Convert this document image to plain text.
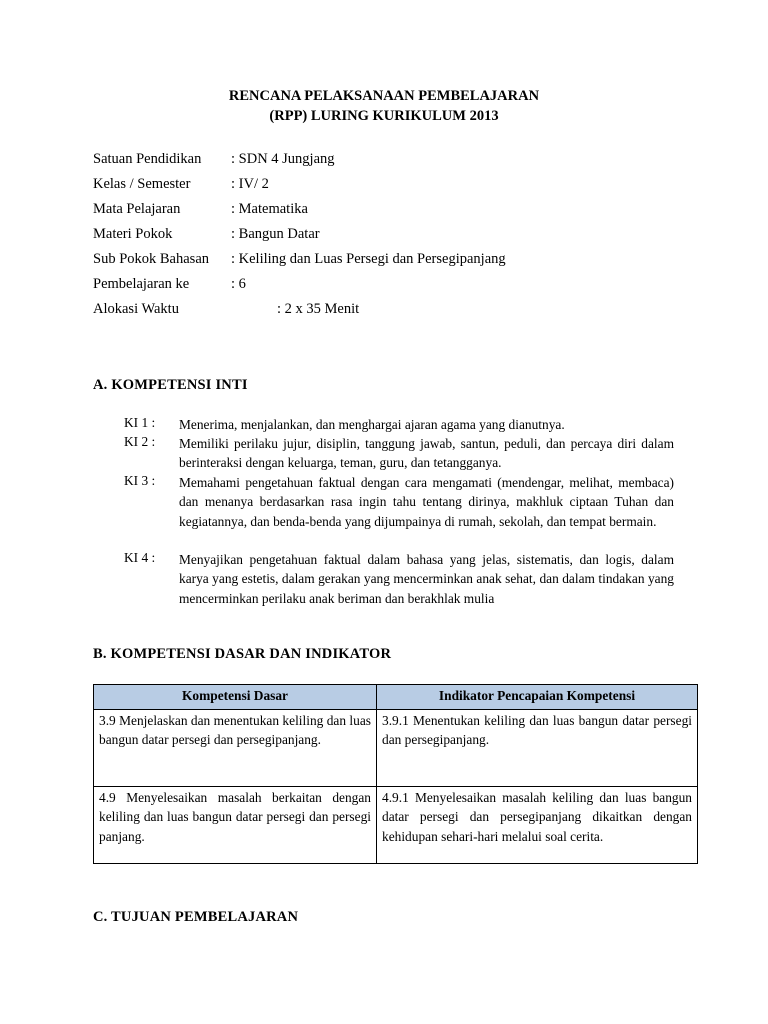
RENCANA PELAKSANAAN PEMBELAJARAN
(RPP) LURING KURIKULUM 2013
Satuan Pendidikan : SDN 4 Jungjang
Kelas / Semester	: IV/ 2
Mata Pelajaran	: Matematika
Materi Pokok	: Bangun Datar
Sub Pokok Bahasan : Keliling dan Luas Persegi dan Persegipanjang
Pembelajaran ke	: 6
Alokasi Waktu	: 2 x 35 Menit
A. KOMPETENSI INTI
KI 1 : Menerima, menjalankan, dan menghargai ajaran agama yang dianutnya.
KI 2 : Memiliki perilaku jujur, disiplin, tanggung jawab, santun, peduli, dan percaya diri dalam berinteraksi dengan keluarga, teman, guru, dan tetangganya.
KI 3 : Memahami pengetahuan faktual dengan cara mengamati (mendengar, melihat, membaca) dan menanya berdasarkan rasa ingin tahu tentang dirinya, makhluk ciptaan Tuhan dan kegiatannya, dan benda-benda yang dijumpainya di rumah, sekolah, dan tempat bermain.
KI 4 : Menyajikan pengetahuan faktual dalam bahasa yang jelas, sistematis, dan logis, dalam karya yang estetis, dalam gerakan yang mencerminkan anak sehat, dan dalam tindakan yang mencerminkan perilaku anak beriman dan berakhlak mulia
B. KOMPETENSI DASAR DAN INDIKATOR
Kompetensi Dasar	Indikator Pencapaian Kompetensi
3.9 Menjelaskan dan menentukan keliling dan luas bangun datar persegi dan persegipanjang.	3.9.1 Menentukan keliling dan luas bangun datar persegi dan persegipanjang.
4.9 Menyelesaikan masalah berkaitan dengan keliling dan luas bangun datar persegi dan persegi panjang.	4.9.1 Menyelesaikan masalah keliling dan luas bangun datar persegi dan persegipanjang dikaitkan dengan kehidupan sehari-hari melalui soal cerita.
C. TUJUAN PEMBELAJARAN
